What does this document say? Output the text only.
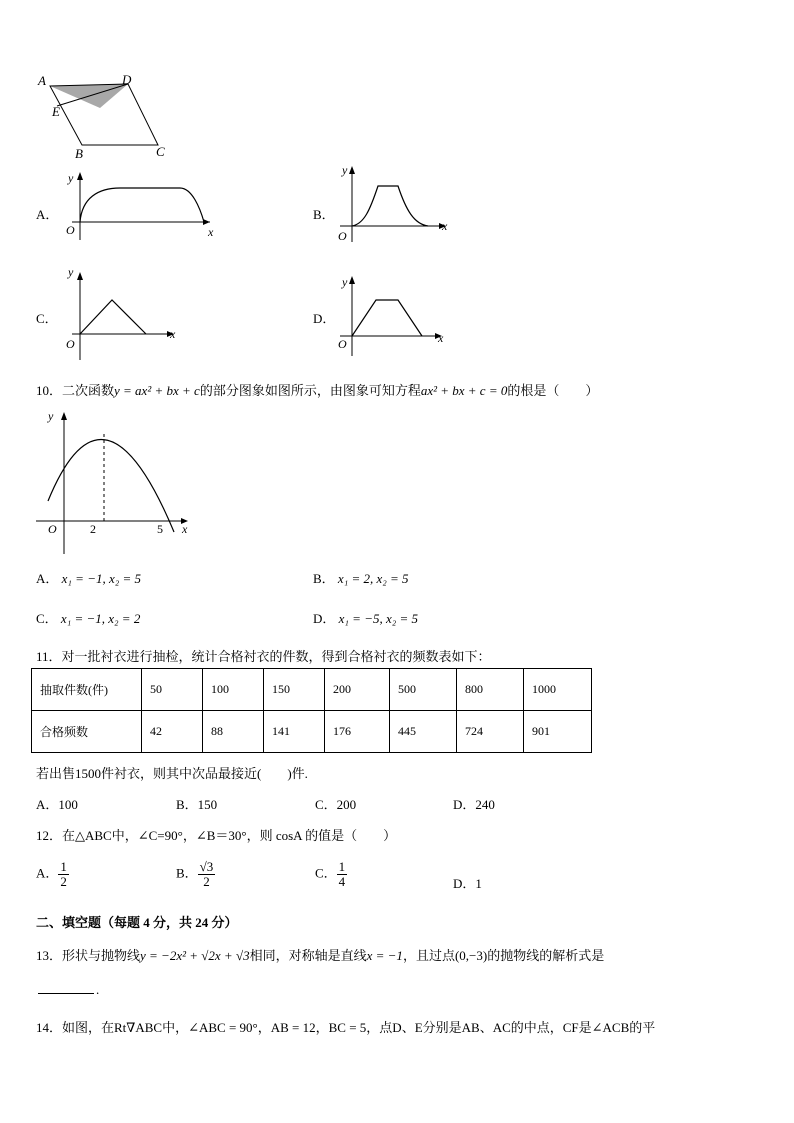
A	D
E
B	C
A．
O
y
x
B．
O
y
x
C．
O
y
x
D．
O
y
x
10．二次函数y = ax² + bx + c的部分图象如图所示，由图象可知方程ax² + bx + c = 0的根是（　　）
O	2	5 x
y
A． x₁ = −1, x₂ = 5	B． x₁ = 2, x₂ = 5
C． x₁ = −1, x₂ = 2	D． x₁ = −5, x₂ = 5
11．对一批衬衣进行抽检，统计合格衬衣的件数，得到合格衬衣的频数表如下：
抽取件数(件)	50	100	150	200	500	800	1000
合格频数	42	88	141	176	445	724	901
若出售1500件衬衣，则其中次品最接近(　　)件.
A．100	B．150	C．200	D．240
12．在△ABC中，∠C=90°，∠B＝30°，则 cosA 的值是（　　）
A． $\frac{1}{2}$	B． $\frac{√3}{2}$	C． $\frac{1}{4}$	D．1
二、填空题（每题 4 分，共 24 分）
13．形状与抛物线y = −2x² + √2x + √3相同，对称轴是直线x = −1，且过点(0,−3)的抛物线的解析式是
.
14．如图，在Rt∇ABC中，∠ABC = 90°，AB = 12，BC = 5，点D、E分别是AB、AC的中点，CF是∠ACB的平
